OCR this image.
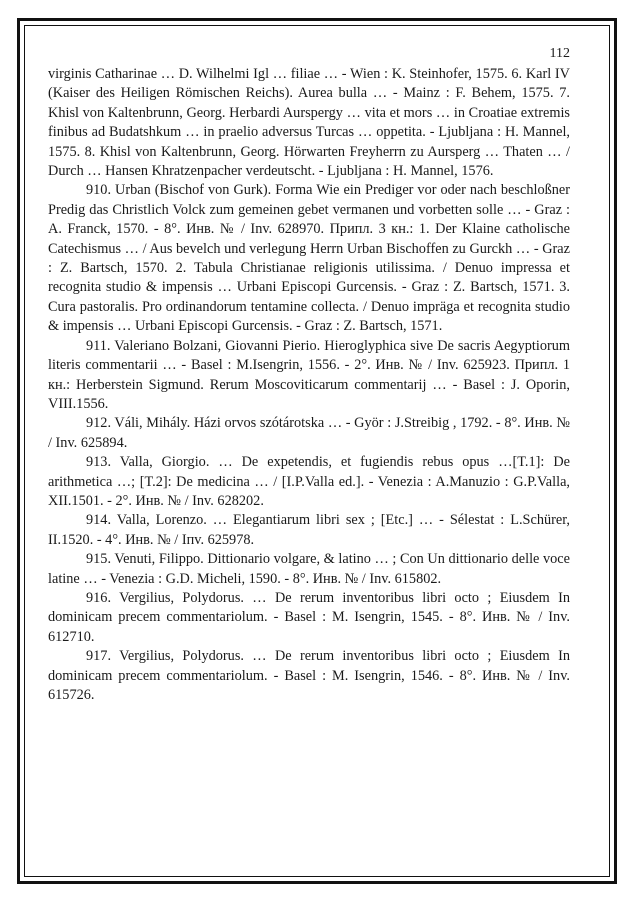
112

virginis Catharinae … D. Wilhelmi Igl … filiae … - Wien : K. Steinhofer, 1575. 6. Karl IV (Kaiser des Heiligen Römischen Reichs). Aurea bulla … - Mainz : F. Behem, 1575. 7. Khisl von Kaltenbrunn, Georg. Herbardi Aurspergy … vita et mors … in Croatiae extremis finibus ad Budatshkum … in praelio adversus Turcas … oppetita. - Ljubljana : H. Mannel, 1575. 8. Khisl von Kaltenbrunn, Georg. Hörwarten Freyherrn zu Aursperg … Thaten … / Durch … Hansen Khratzenpacher verdeutscht. - Ljubljana : H. Mannel, 1576.

910. Urban (Bischof von Gurk). Forma Wie ein Prediger vor oder nach beschloßner Predig das Christlich Volck zum gemeinen gebet vermanen und vorbetten solle … - Graz : A. Franck, 1570. - 8°. Инв. № / Inv. 628970. Припл. 3 кн.: 1. Der Klaine catholische Catechismus … / Aus bevelch und verlegung Herrn Urban Bischoffen zu Gurckh … - Graz : Z. Bartsch, 1570. 2. Tabula Christianae religionis utilissima. / Denuo impressa et recognita studio & impensis … Urbani Episcopi Gurcensis. - Graz : Z. Bartsch, 1571. 3. Cura pastoralis. Pro ordinandorum tentamine collecta. / Denuo impräga et recognita studio & impensis … Urbani Episcopi Gurcensis. - Graz : Z. Bartsch, 1571.

911. Valeriano Bolzani, Giovanni Pierio. Hieroglyphica sive De sacris Aegyptiorum literis commentarii … - Basel : M.Isengrin, 1556. - 2°. Инв. № / Inv. 625923. Припл. 1 кн.: Herberstein Sigmund. Rerum Moscoviticarum commentarij … - Basel : J. Oporin, VIII.1556.

912. Váli, Mihály. Házi orvos szótárotska … - Györ : J.Streibig , 1792. - 8°. Инв. № / Inv. 625894.

913. Valla, Giorgio. … De expetendis, et fugiendis rebus opus …[T.1]: De arithmetica …; [T.2]: De medicina … / [I.P.Valla ed.]. - Venezia : A.Manuzio : G.P.Valla, XII.1501. - 2°. Инв. № / Inv. 628202.

914. Valla, Lorenzo. … Elegantiarum libri sex ; [Etc.] … - Sélestat : L.Schürer, II.1520. - 4°. Инв. № / Іпv. 625978.

915. Venuti, Filippo. Dittionario volgare, & latino … ; Con Un dittionario delle voce latine … - Venezia : G.D. Micheli, 1590. - 8°. Инв. № / Inv. 615802.

916. Vergilius, Polydorus. … De rerum inventoribus libri octo ; Eiusdem In dominicam precem commentariolum. - Basel : M. Isengrin, 1545. - 8°. Инв. № / Inv. 612710.

917. Vergilius, Polydorus. … De rerum inventoribus libri octo ; Eiusdem In dominicam precem commentariolum. - Basel : M. Isengrin, 1546. - 8°. Инв. № / Inv. 615726.
